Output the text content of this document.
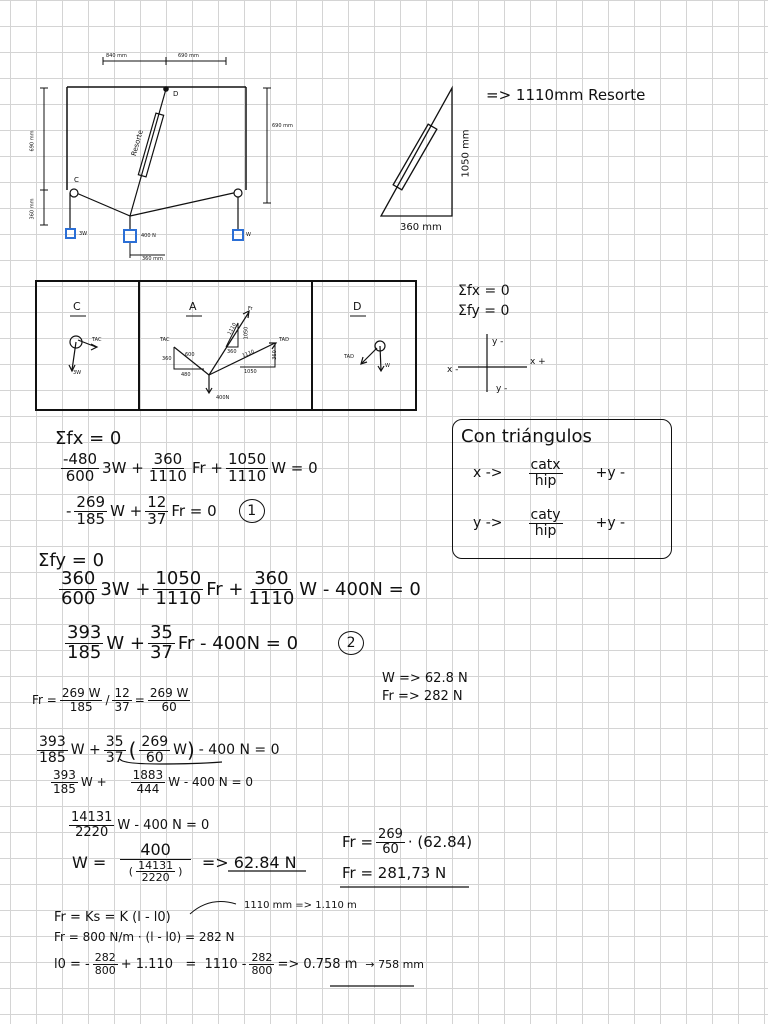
840 mm	690 mm
690 mm
360 mm
690 mm
360 mm
D
C
Resorte
3W	400 N	W
1050 mm
360 mm
=> 1110mm Resorte
C	A	D
TAC
3W
TAC	TAD
Fr
360
600
480
1110 1050
360 1110	360
1050
400N
TAD
W
Σfx = 0
Σfy = 0
y -
x -
x +
y -
Con triángulos
$x -> \frac{\text{catx}}{\text{hip}} +y$ -
$y -> \frac{\text{caty}}{\text{hip}} +y$ -
Σfx = 0
$\frac{-480}{600} 3W + \frac{360}{1110}$ $Fr + \frac{1050}{1110}$ W = 0
- $\frac{269}{185}$ $W + \frac{12}{37}$ Fr = 0	1
Σfy = 0
$\frac{360}{600} 3W + \frac{1050}{1110}$ $Fr + \frac{360}{1110}$ W - 400N = 0
$\frac{393}{185}$ $W + \frac{35}{37}$ Fr - 400N = 0	2
W => 62.8 N
Fr => 282 N
$Fr = \frac{269 W}{185} / \frac{12}{37} = \frac{269 W}{60}$
$\frac{393}{185}$ $W + \frac{35}{37}$ ( $\frac{269}{60}$ W ) - 400 N = 0
$\frac{393}{185}$ $W + \frac{1883}{444}$ W - 400 N = 0
$\frac{14131}{2220}$ W - 400 N = 0
$W = \frac{400}{( \frac{14131}{2220} )} => 62.84$ N
$Fr = \frac{269}{60} \cdot (62.84)$
Fr = 281,73 N
1110 mm => 1.110 m
Fr = Ks = K (l - l0)
Fr = 800 N/m · (l - l0) = 282 N
l0 = - $\frac{282}{800} + 1.110 = 1110 - \frac{282}{800} => 0.758$ m → 758 mm
